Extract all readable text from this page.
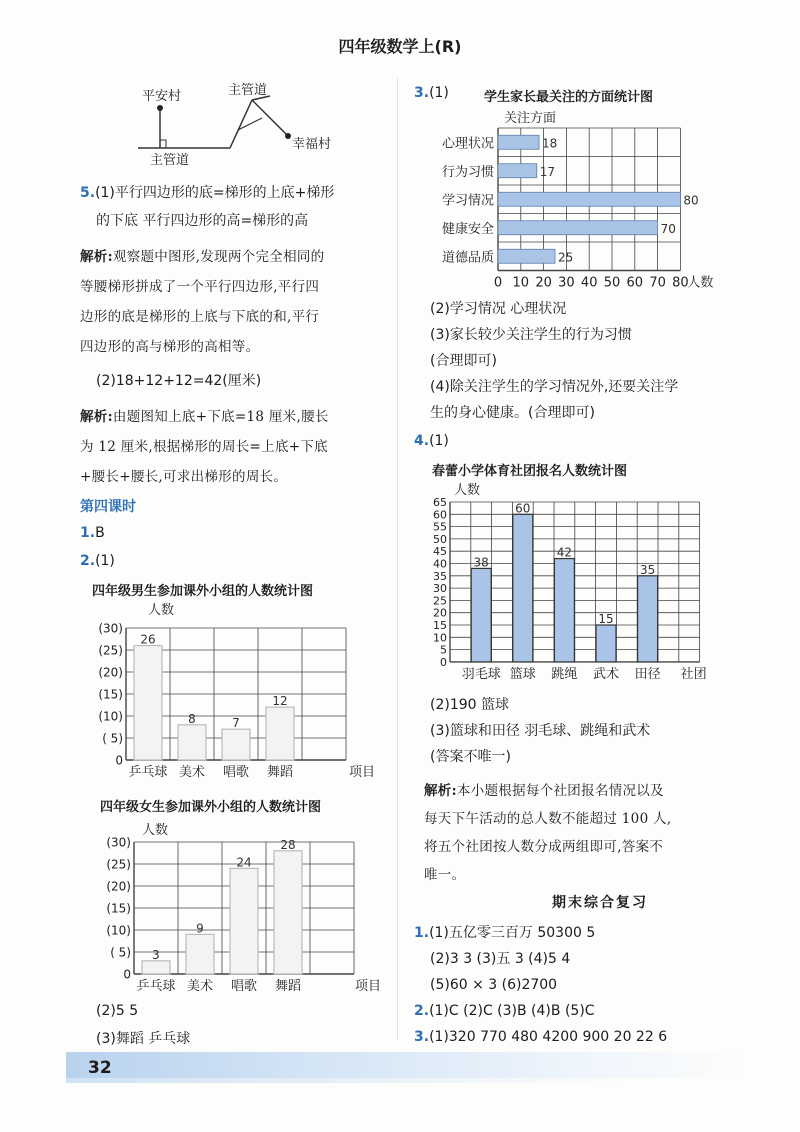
四年级数学上(R)
平安村	主管道
主管道
幸福村
5.(1)平行四边形的底=梯形的上底+梯形
的下底 平行四边形的高=梯形的高
解析:观察题中图形,发现两个完全相同的
等腰梯形拼成了一个平行四边形,平行四
边形的底是梯形的上底与下底的和,平行
四边形的高与梯形的高相等。
(2)18+12+12=42(厘米)
解析:由题图知上底+下底=18 厘米,腰长
为 12 厘米,根据梯形的周长=上底+下底
+腰长+腰长,可求出梯形的周长。
第四课时
1.B
2.(1)
四年级男生参加课外小组的人数统计图
(30)
(25)
(20)
(15)
(10)
( 5)
0
人数
26
乒乓球
8
美术
7
唱歌
12
舞蹈	项目
四年级女生参加课外小组的人数统计图
(30)
(25)
(20)
(15)
(10)
( 5)
0
人数
3
乒乓球
9
美术
24
唱歌
28
舞蹈	项目
(2)5 5
(3)舞蹈 乒乓球
3.(1)	学生家长最关注的方面统计图
0 10 20 30 40 50 60 70 80
人数
关注方面
心理状况	18
行为习惯	17
学习情况	80
健康安全	70
道德品质	25
(2)学习情况 心理状况
(3)家长较少关注学生的行为习惯
(合理即可)
(4)除关注学生的学习情况外,还要关注学
生的身心健康。(合理即可)
4.(1)
春蕾小学体育社团报名人数统计图
65
60
55
50
45
40
35
30
25
20
15
10
5
0
人数
38
羽毛球
60
篮球
42
跳绳
15
武术
35
田径 社团
(2)190 篮球
(3)篮球和田径 羽毛球、跳绳和武术
(答案不唯一)
解析:本小题根据每个社团报名情况以及
每天下午活动的总人数不能超过 100 人,
将五个社团按人数分成两组即可,答案不
唯一。
期末综合复习
1.(1)五亿零三百万 50300 5
(2)3 3 (3)五 3 (4)5 4
(5)60 × 3 (6)2700
2.(1)C (2)C (3)B (4)B (5)C
3.(1)320 770 480 4200 900 20 22 6
32
